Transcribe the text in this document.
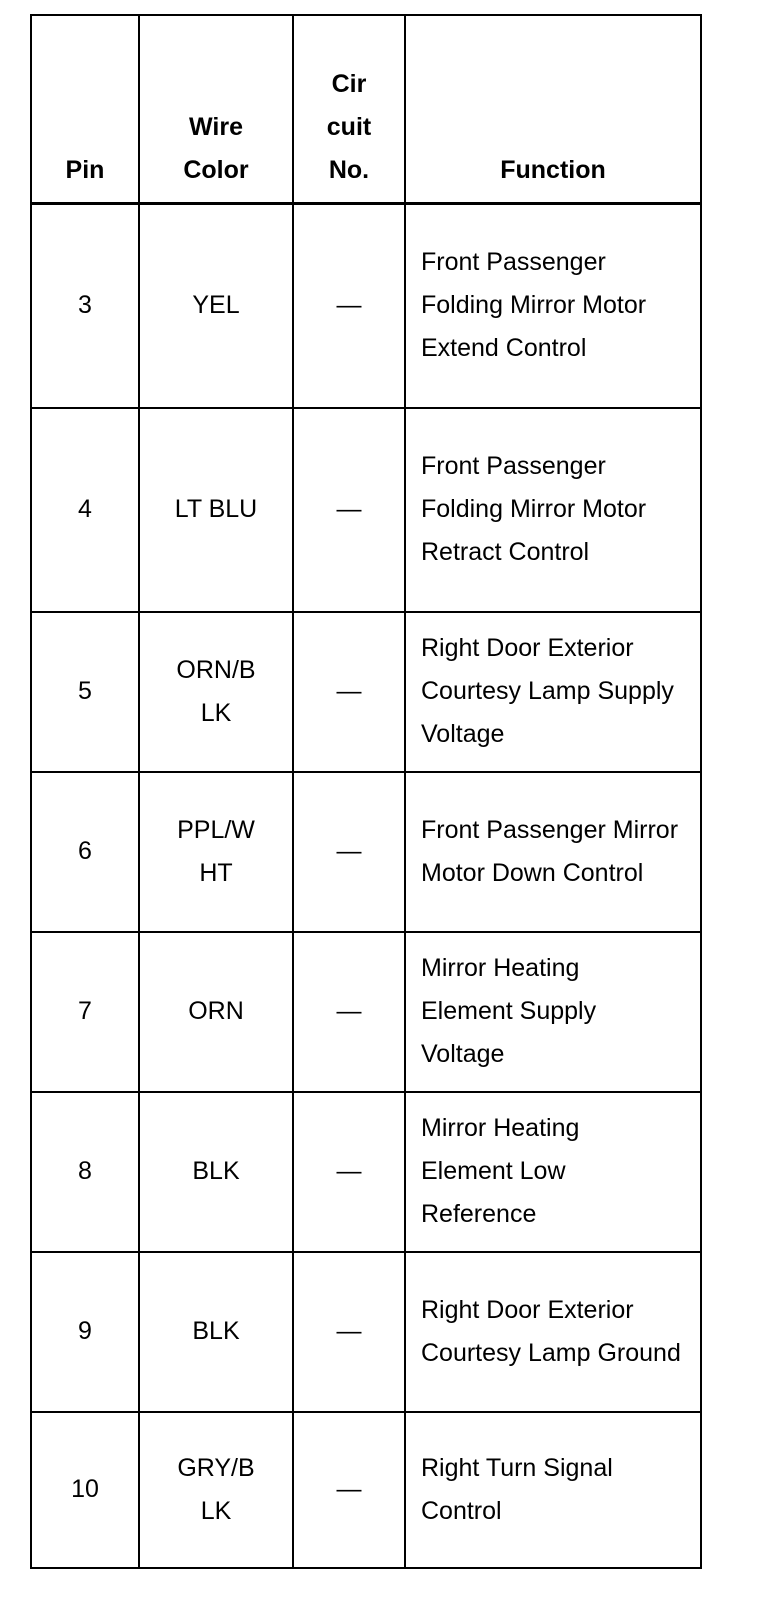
Pin	Wire Color	Cir cuit No.	Function

3	YEL	—	Front Passenger Folding Mirror Motor Extend Control

4	LT BLU	—	Front Passenger Folding Mirror Motor Retract Control

5	ORN/B LK	—	Right Door Exterior Courtesy Lamp Supply Voltage

6	PPL/W HT	—	Front Passenger Mirror Motor Down Control

7	ORN	—	Mirror Heating Element Supply Voltage

8	BLK	—	Mirror Heating Element Low Reference

9	BLK	—	Right Door Exterior Courtesy Lamp Ground

10	GRY/B LK	—	Right Turn Signal Control
